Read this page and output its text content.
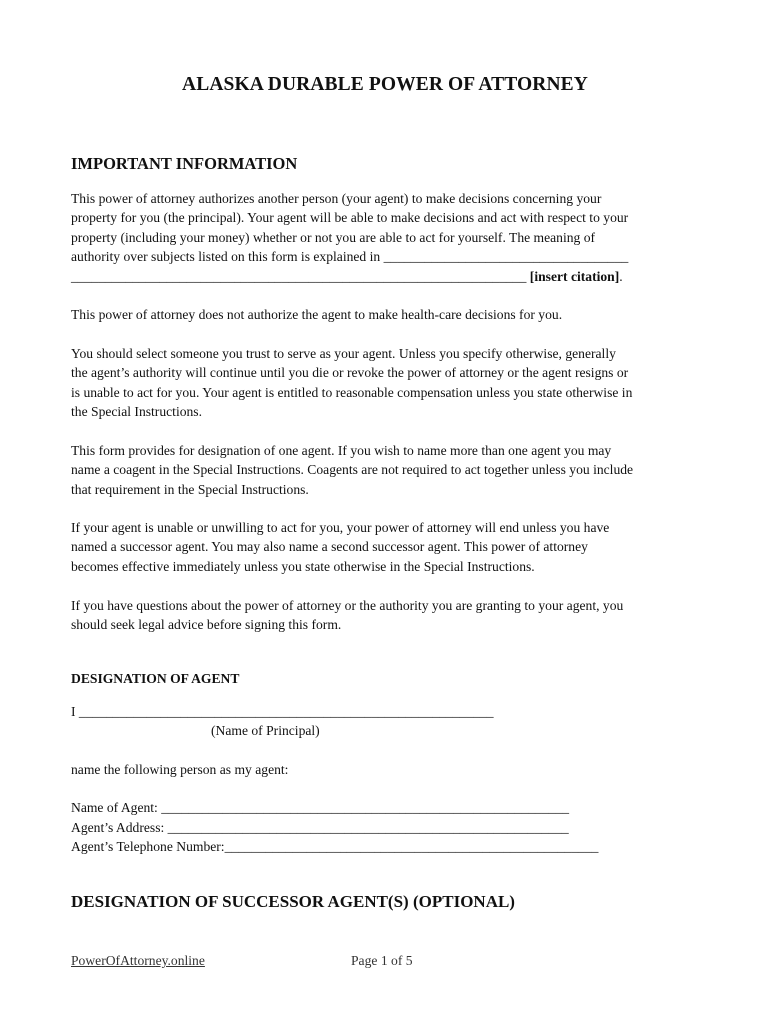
ALASKA DURABLE POWER OF ATTORNEY
IMPORTANT INFORMATION

This power of attorney authorizes another person (your agent) to make decisions concerning your
property for you (the principal). Your agent will be able to make decisions and act with respect to your
property (including your money) whether or not you are able to act for yourself. The meaning of
authority over subjects listed on this form is explained in ____________________________________
___________________________________________________________________ [insert citation].

This power of attorney does not authorize the agent to make health-care decisions for you.

You should select someone you trust to serve as your agent. Unless you specify otherwise, generally
the agent’s authority will continue until you die or revoke the power of attorney or the agent resigns or
is unable to act for you. Your agent is entitled to reasonable compensation unless you state otherwise in
the Special Instructions.

This form provides for designation of one agent. If you wish to name more than one agent you may
name a coagent in the Special Instructions. Coagents are not required to act together unless you include
that requirement in the Special Instructions.

If your agent is unable or unwilling to act for you, your power of attorney will end unless you have
named a successor agent. You may also name a second successor agent. This power of attorney
becomes effective immediately unless you state otherwise in the Special Instructions.

If you have questions about the power of attorney or the authority you are granting to your agent, you
should seek legal advice before signing this form.

DESIGNATION OF AGENT

I _____________________________________________________________

(Name of Principal)

name the following person as my agent:

Name of Agent: ____________________________________________________________

Agent’s Address: ___________________________________________________________

Agent’s Telephone Number:_______________________________________________________

DESIGNATION OF SUCCESSOR AGENT(S) (OPTIONAL)
PowerOfAttorney.online	Page 1 of 5
